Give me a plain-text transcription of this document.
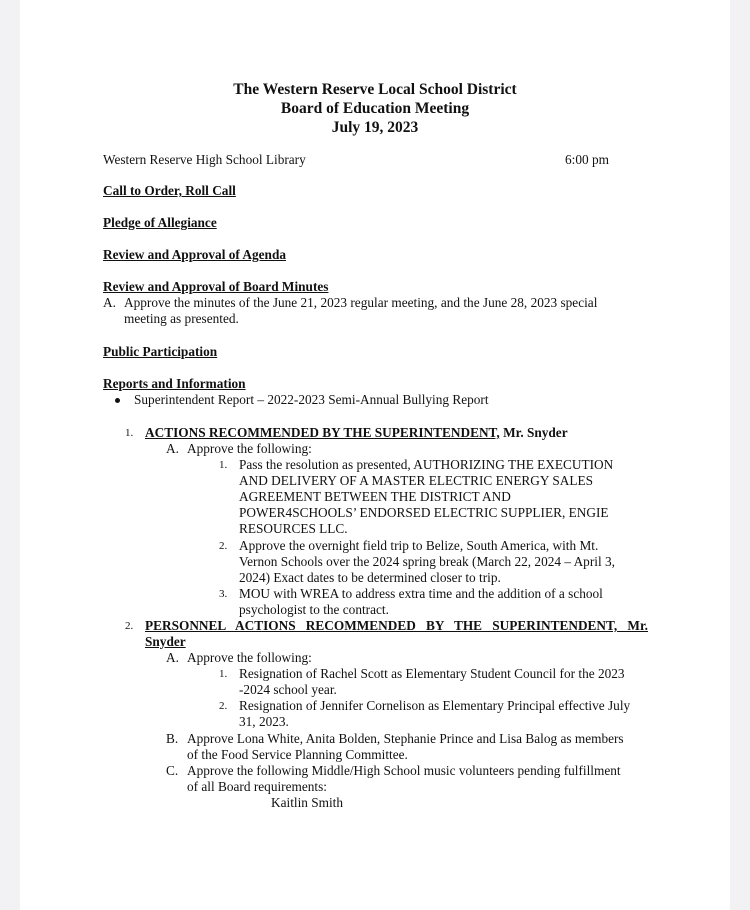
The Western Reserve Local School District
Board of Education Meeting
July 19, 2023
Western Reserve High School Library	6:00 pm
Call to Order, Roll Call
Pledge of Allegiance
Review and Approval of Agenda
Review and Approval of Board Minutes
A. Approve the minutes of the June 21, 2023 regular meeting, and the June 28, 2023 special
meeting as presented.
Public Participation
Reports and Information
Superintendent Report – 2022-2023 Semi-Annual Bullying Report
1. ACTIONS RECOMMENDED BY THE SUPERINTENDENT, Mr. Snyder
A. Approve the following:
1. Pass the resolution as presented, AUTHORIZING THE EXECUTION
AND DELIVERY OF A MASTER ELECTRIC ENERGY SALES
AGREEMENT BETWEEN THE DISTRICT AND
POWER4SCHOOLS’ ENDORSED ELECTRIC SUPPLIER, ENGIE
RESOURCES LLC.
2. Approve the overnight field trip to Belize, South America, with Mt.
Vernon Schools over the 2024 spring break (March 22, 2024 – April 3,
2024) Exact dates to be determined closer to trip.
3. MOU with WREA to address extra time and the addition of a school
psychologist to the contract.
2. PERSONNEL ACTIONS RECOMMENDED BY THE SUPERINTENDENT, Mr.
Snyder
A. Approve the following:
1. Resignation of Rachel Scott as Elementary Student Council for the 2023
-2024 school year.
2. Resignation of Jennifer Cornelison as Elementary Principal effective July
31, 2023.
B. Approve Lona White, Anita Bolden, Stephanie Prince and Lisa Balog as members
of the Food Service Planning Committee.
C. Approve the following Middle/High School music volunteers pending fulfillment
of all Board requirements:
Kaitlin Smith
